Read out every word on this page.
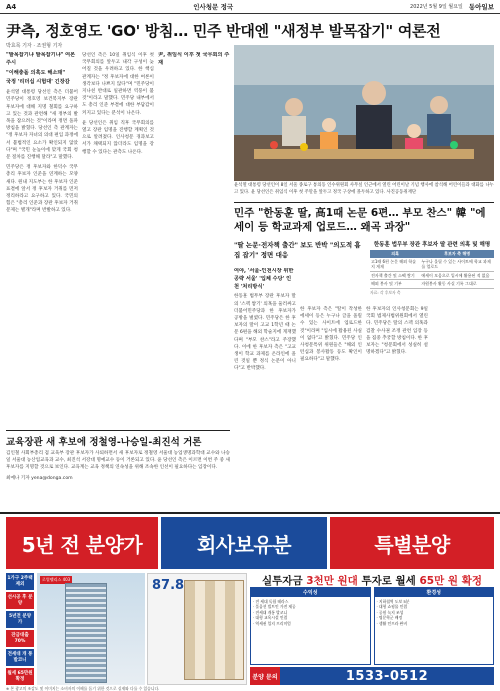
A4	인사청문 정국	2022년 5월 9일 월요일 동아일보
尹측, 정호영도 'GO' 방침… 민주 반대엔 "새정부 발목잡기" 여론전
박효목 기자 · 조권형 기자
"발목잡기냐 발목잡기냐" 여론 주시
"이해충돌 의혹도 해소돼"
국정 '리더십 시험대' 긴장감

윤석열 대통령 당선인 측은 더불어민주당이 정호영 보건복지부 장관 후보자에 대해 지명 철회를 요구하고 있는 것과 관련해 "새 정부의 발목을 잡으려는 것"이라며 정면 돌파 방침을 밝혔다. 당선인 측 관계자는 "정 후보자 자녀의 의대 편입 과정에서 불법적인 요소가 확인되지 않았다"며 "국민 눈높이에 맞게 국회 청문 절차를 진행해 달라"고 말했다.

민주당은 정 후보자와 한덕수 국무총리 후보자 인준을 연계하는 모양새다. 원내 지도부는 한 후보자 인준 표결에 앞서 정 후보자 거취를 먼저 정리하라고 요구하고 있다. 국민의힘은 "총리 인준과 장관 후보자 거취 문제는 별개"라며 반발하고 있다.

당선인 측은 10일 취임식 이후 첫 국무회의를 앞두고 내각 구성이 늦어질 것을 우려하고 있다. 한 핵심 관계자는 "정 후보자에 대한 여론이 생각보다 나쁘지 않다"며 "민주당이 지나친 반대로 일관하면 역풍이 불 것"이라고 말했다. 민주당 내부에서도 총리 인준 부결에 대한 부담감이 커지고 있다는 분석이 나온다.

윤 당선인은 취임 직후 국무회의를 열고 장관 임명을 진행할 계획인 것으로 알려졌다. 인사청문 경과보고서가 채택되지 않더라도 임명을 강행할 수 있다는 관측도 나온다.

尹, 취임식 이후 첫 국무회의 주재
윤석열 대통령 당선인이 8일 서울 종로구 통의동 인수위원회 사무실 인근에서 열린 어린이날 기념 행사에 참석해 어린이들과 대화를 나누고 있다. 윤 당선인은 취임식 이후 첫 주말을 앞두고 정국 구상에 몰두하고 있다. 사진공동취재단
민주 "한동훈 딸, 高1때 논문 6편… 부모 찬스" 韓 "에세이 등 학교과제 업로드… 왜곡 과장"
"딸 논문·전자책 출간" 보도 반박 "의도적 흠집 잡기" 정면 대응
한동훈 법무부 장관 후보자 딸 관련 의혹 및 해명
의혹	후보자 측 해명
고1때 6편 논문 해외 학술지 게재	누구나 올릴 수 있는 사이트에 학교 과제를 업로드
전자책 출간 및 스펙 쌓기	에세이 모음으로 입시에 활용된 적 없음
해외 봉사 및 기부	자원봉사 활동 사실 기록 그대로
자료: 각 후보자 측
여야, '서울-인천시장 위한 공략 서울' '입체 수당' 인천 '처리방식'

한동훈 법무부 장관 후보자 딸의 '스펙 쌓기' 의혹을 둘러싸고 더불어민주당과 한 후보자가 공방을 벌였다. 민주당은 한 후보자의 딸이 고교 1학년 때 논문 6편을 해외 학술지에 게재했다며 "부모 찬스"라고 주장했다. 이에 한 후보자 측은 "고교생이 학교 과제를 온라인에 올린 것일 뿐 정식 논문이 아니다"고 반박했다.

한 후보자 측은 "딸이 작성한 에세이 등은 누구나 글을 올릴 수 있는 사이트에 업로드한 것"이라며 "입시에 활용된 사실이 없다"고 밝혔다. 민주당 인사청문특위 위원들은 "해외 인턴십과 봉사활동 등도 확인이 필요하다"고 말했다.

한 후보자의 인사청문회는 9일 국회 법제사법위원회에서 열린다. 민주당은 딸의 스펙 의혹과 검찰 수사권 조정 관련 입장 등을 집중 추궁할 방침이다. 한 후보자는 "청문회에서 성실히 설명하겠다"고 밝혔다.

교육장관 새 후보에 정철영-나승일-최진석 거론

김인철 사회부총리 겸 교육부 장관 후보자가 사퇴하면서 새 후보자로 정철영 서울대 농업생명과학대 교수와 나승일 서울대 농산업교육과 교수, 최진석 서강대 명예교수 등이 거론되고 있다. 윤 당선인 측은 이르면 이번 주 중 새 후보자를 지명할 것으로 보인다. 교육계는 교육 정책의 연속성을 위해 조속한 인선이 필요하다는 입장이다.

최예나 기자 yena@donga.com

5년 전 분양가	회사보유분	특별분양
1가구 2주택 제외
선시공 후 분양
5년전 분양가
잔금대출 70%
전세대 개 통발코니
월세 65만원 확정
로열팰리스 403	87.8	실투자금 3천만 원대 투자로 월세 65만 원 확정
수익성
· 전 세대 독립 테라스
· 풀옵션 빌트인 가전 제공
· 전세대 개통 발코니
· 대형 교육시설 인접
· 역세권 입지 프리미엄
환경성
· 지하철역 도보 5분
· 대형 쇼핑몰 인접
· 공원 녹지 조성
· 명문학군 배정
· 생활 인프라 완비
분양 문의	1533-0512
※ 본 광고의 조감도 및 이미지는 소비자의 이해를 돕기 위한 것으로 실제와 다를 수 있습니다.
